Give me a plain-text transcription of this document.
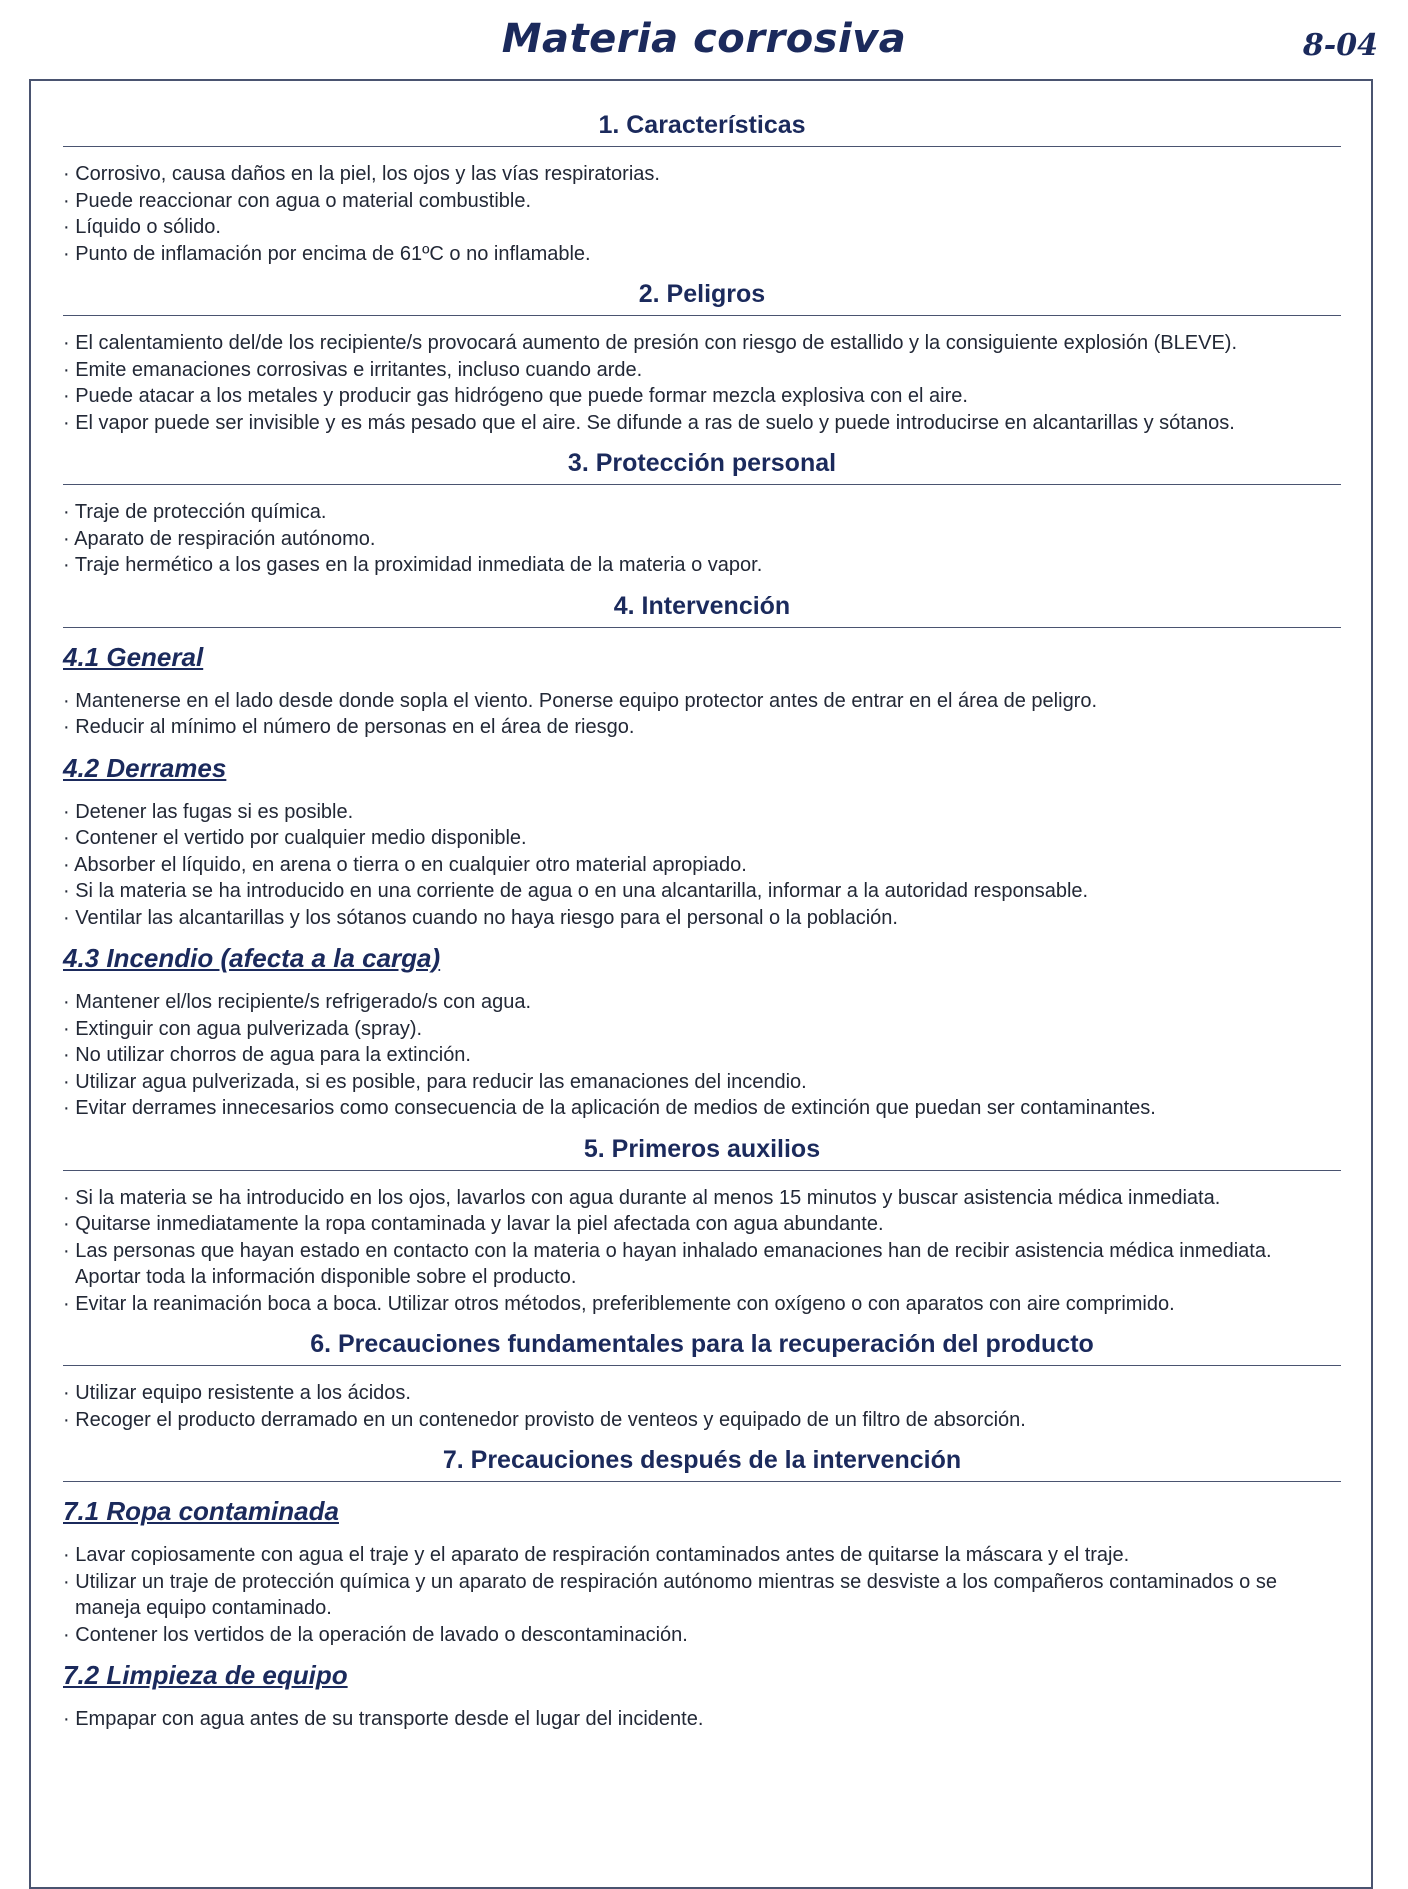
Materia corrosiva	8-04
1. Características
· Corrosivo, causa daños en la piel, los ojos y las vías respiratorias.
· Puede reaccionar con agua o material combustible.
· Líquido o sólido.
· Punto de inflamación por encima de 61ºC o no inflamable.
2. Peligros
· El calentamiento del/de los recipiente/s provocará aumento de presión con riesgo de estallido y la consiguiente explosión (BLEVE).
· Emite emanaciones corrosivas e irritantes, incluso cuando arde.
· Puede atacar a los metales y producir gas hidrógeno que puede formar mezcla explosiva con el aire.
· El vapor puede ser invisible y es más pesado que el aire. Se difunde a ras de suelo y puede introducirse en alcantarillas y sótanos.
3. Protección personal
· Traje de protección química.
· Aparato de respiración autónomo.
· Traje hermético a los gases en la proximidad inmediata de la materia o vapor.
4. Intervención
4.1 General
· Mantenerse en el lado desde donde sopla el viento. Ponerse equipo protector antes de entrar en el área de peligro.
· Reducir al mínimo el número de personas en el área de riesgo.
4.2 Derrames
· Detener las fugas si es posible.
· Contener el vertido por cualquier medio disponible.
· Absorber el líquido, en arena o tierra o en cualquier otro material apropiado.
· Si la materia se ha introducido en una corriente de agua o en una alcantarilla, informar a la autoridad responsable.
· Ventilar las alcantarillas y los sótanos cuando no haya riesgo para el personal o la población.
4.3 Incendio (afecta a la carga)
· Mantener el/los recipiente/s refrigerado/s con agua.
· Extinguir con agua pulverizada (spray).
· No utilizar chorros de agua para la extinción.
· Utilizar agua pulverizada, si es posible, para reducir las emanaciones del incendio.
· Evitar derrames innecesarios como consecuencia de la aplicación de medios de extinción que puedan ser contaminantes.
5. Primeros auxilios
· Si la materia se ha introducido en los ojos, lavarlos con agua durante al menos 15 minutos y buscar asistencia médica inmediata.
· Quitarse inmediatamente la ropa contaminada y lavar la piel afectada con agua abundante.
· Las personas que hayan estado en contacto con la materia o hayan inhalado emanaciones han de recibir asistencia médica inmediata. Aportar toda la información disponible sobre el producto.
· Evitar la reanimación boca a boca. Utilizar otros métodos, preferiblemente con oxígeno o con aparatos con aire comprimido.
6. Precauciones fundamentales para la recuperación del producto
· Utilizar equipo resistente a los ácidos.
· Recoger el producto derramado en un contenedor provisto de venteos y equipado de un filtro de absorción.
7. Precauciones después de la intervención
7.1 Ropa contaminada
· Lavar copiosamente con agua el traje y el aparato de respiración contaminados antes de quitarse la máscara y el traje.
· Utilizar un traje de protección química y un aparato de respiración autónomo mientras se desviste a los compañeros contaminados o se maneja equipo contaminado.
· Contener los vertidos de la operación de lavado o descontaminación.
7.2 Limpieza de equipo
· Empapar con agua antes de su transporte desde el lugar del incidente.
